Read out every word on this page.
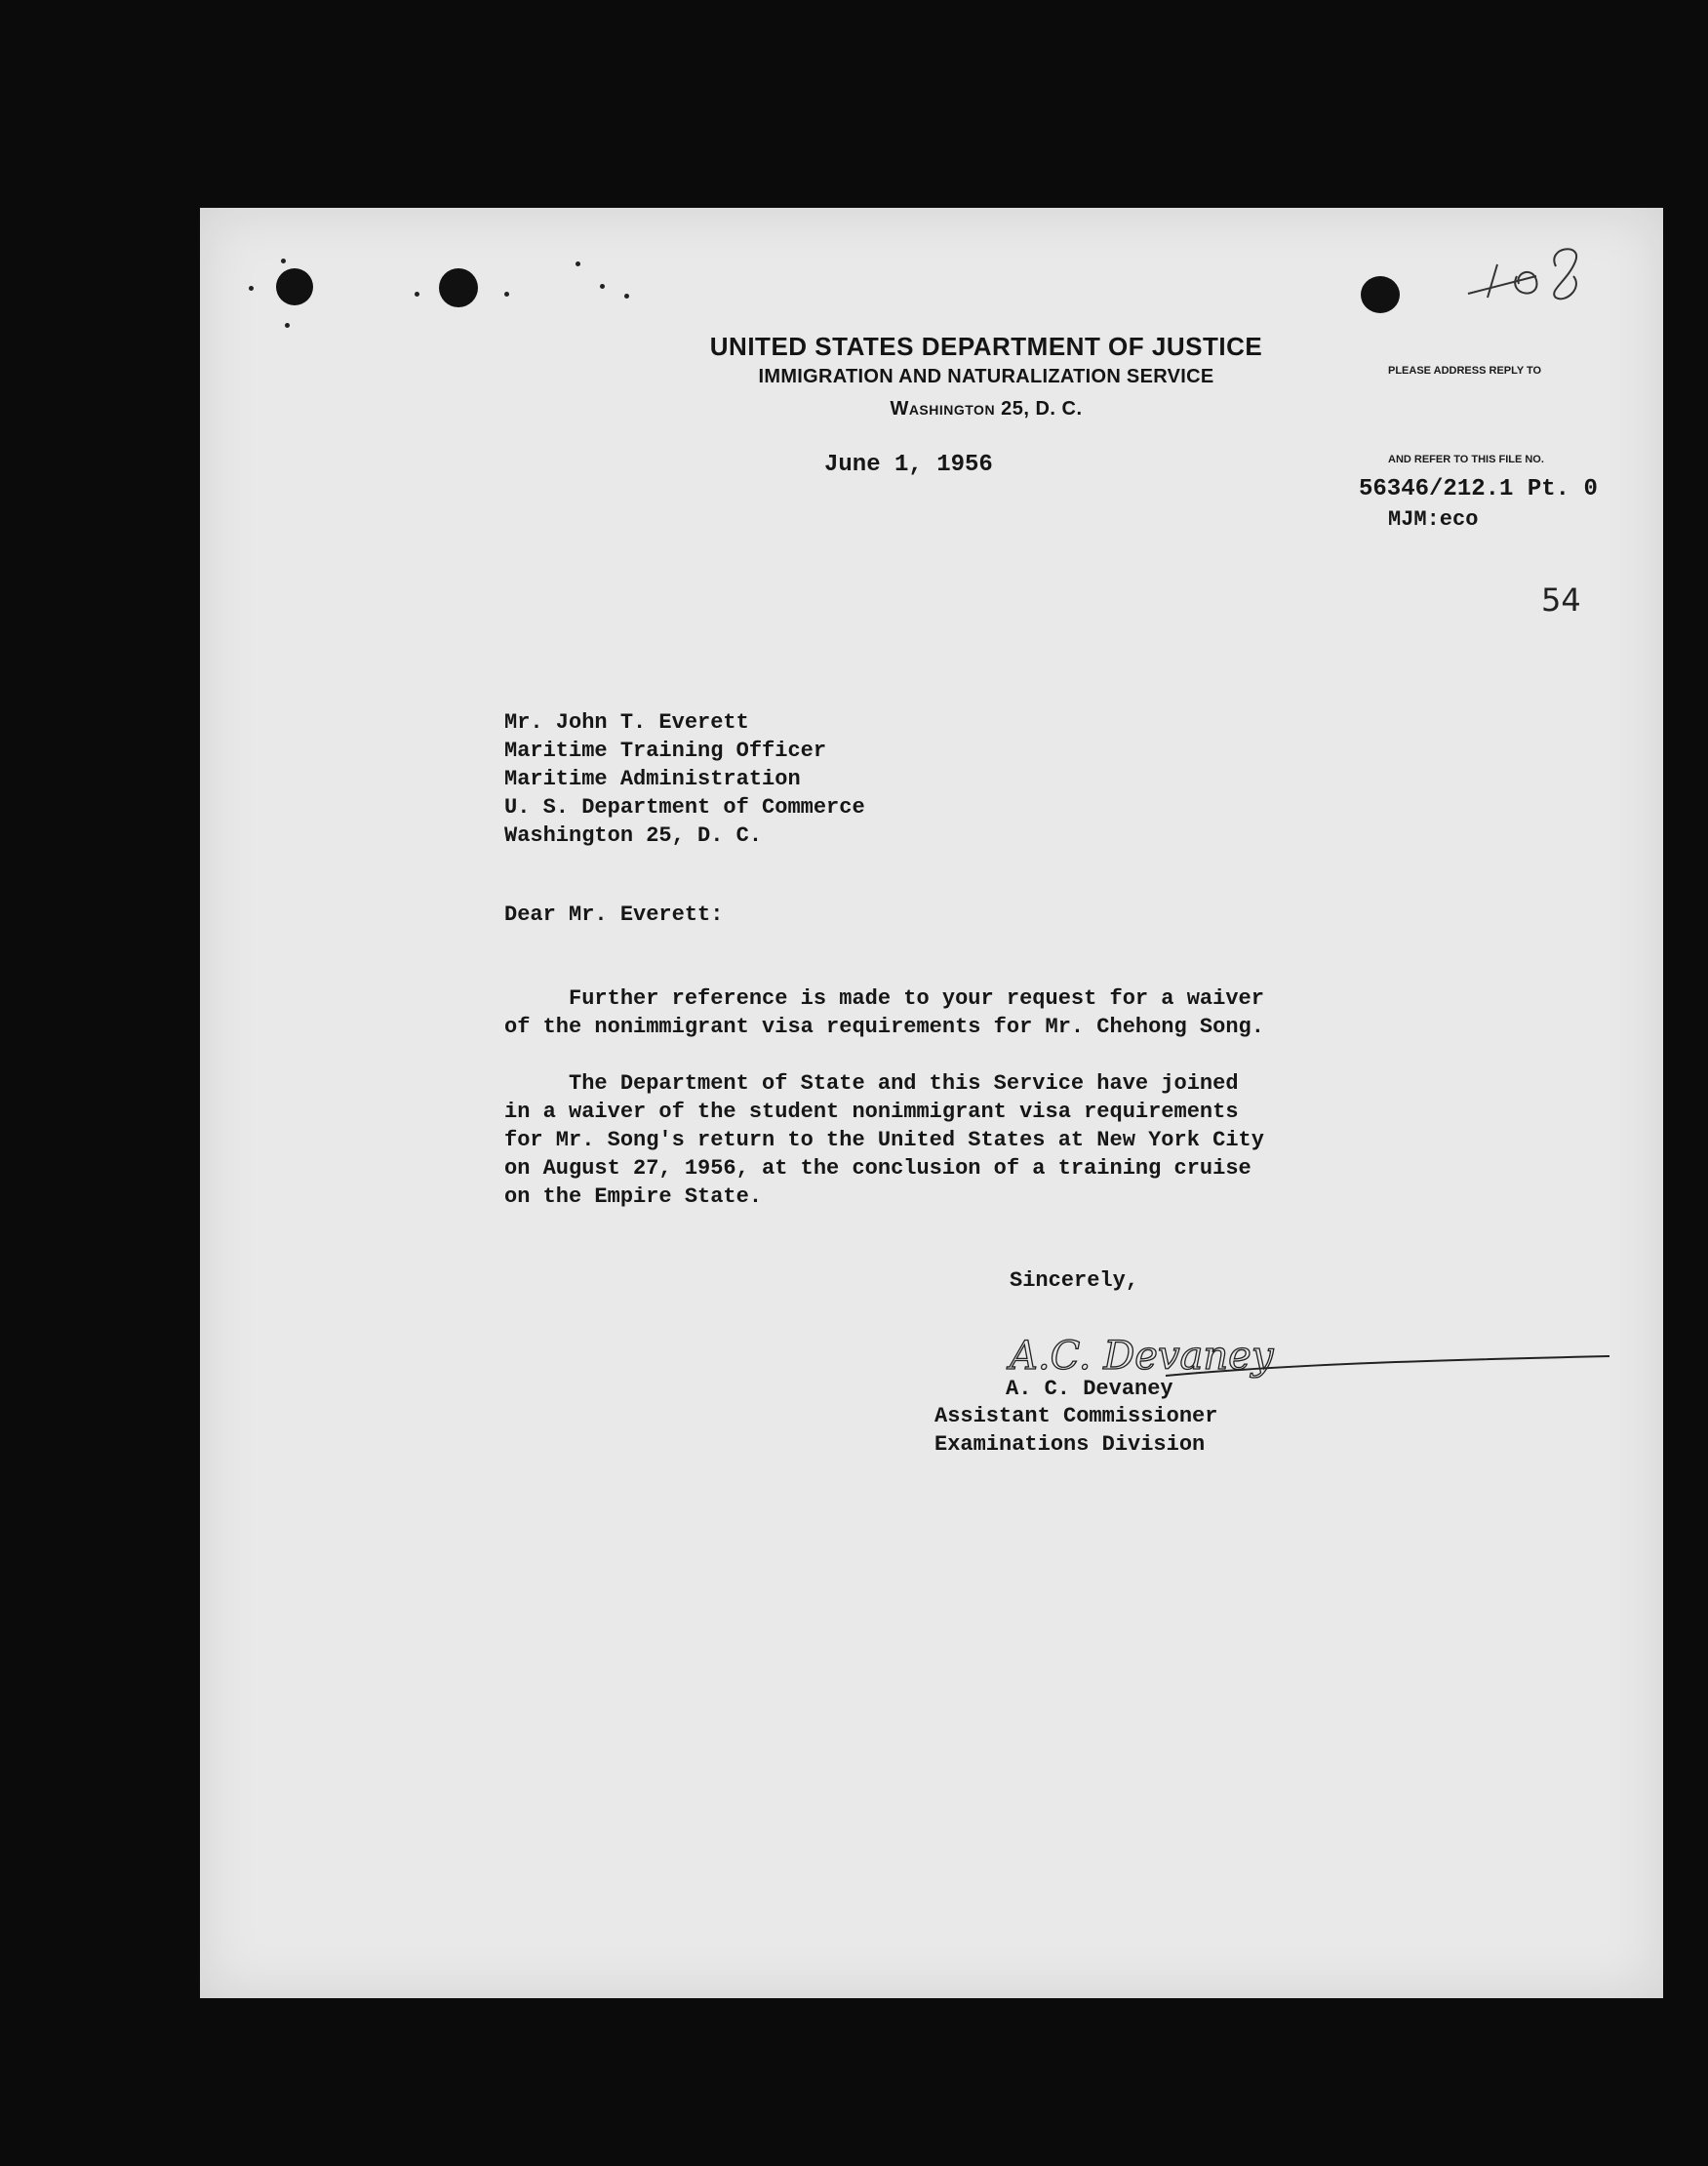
UNITED STATES DEPARTMENT OF JUSTICE
IMMIGRATION AND NATURALIZATION SERVICE
Washington 25, D. C.
June 1, 1956
PLEASE ADDRESS REPLY TO
AND REFER TO THIS FILE NO.
56346/212.1 Pt. 0
MJM:eco
54
Mr. John T. Everett
Maritime Training Officer
Maritime Administration
U. S. Department of Commerce
Washington 25, D. C.
Dear Mr. Everett:
Further reference is made to your request for a waiver
of the nonimmigrant visa requirements for Mr. Chehong Song.
The Department of State and this Service have joined
in a waiver of the student nonimmigrant visa requirements
for Mr. Song's return to the United States at New York City
on August 27, 1956, at the conclusion of a training cruise
on the Empire State.
Sincerely,
A.C. Devaney
A. C. Devaney
Assistant Commissioner
Examinations Division
